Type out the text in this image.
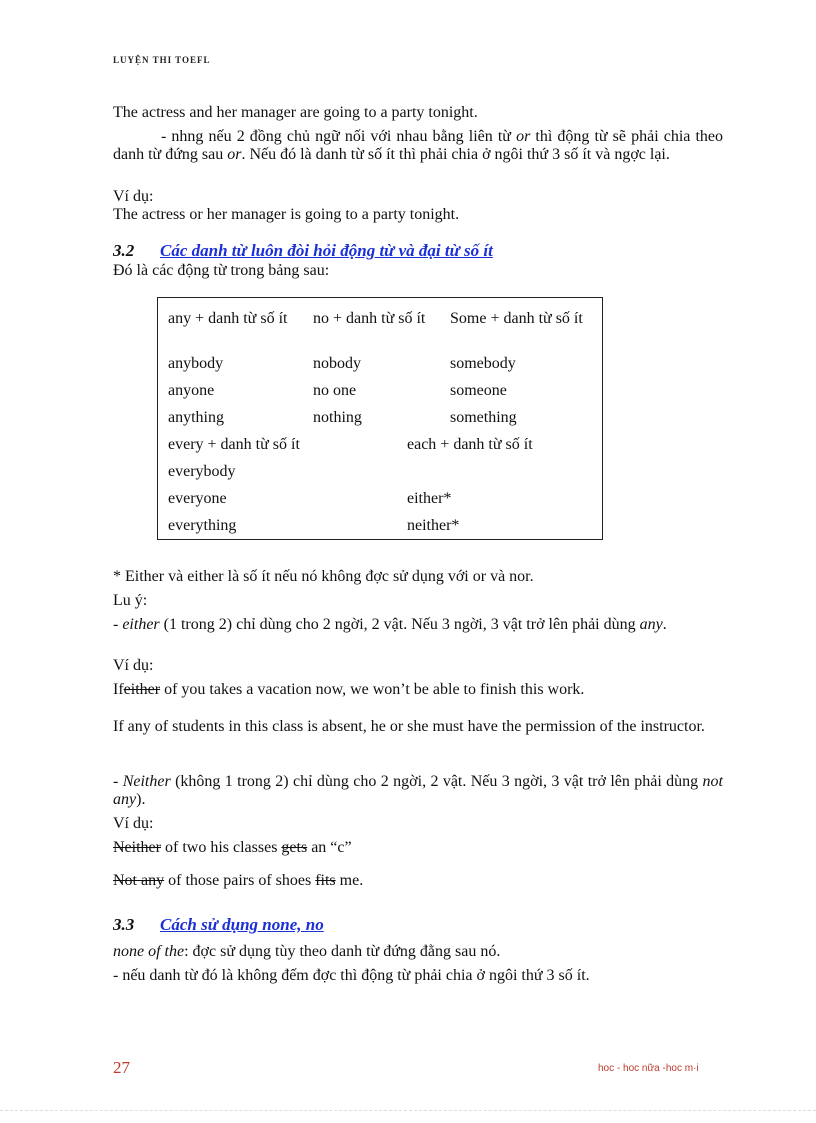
LUYỆN THI TOEFL
The actress and her manager are going to a party tonight.
- nhng nếu 2 đồng chủ ngữ nối với nhau bằng liên từ or thì động từ sẽ phải chia theo danh từ đứng sau or. Nếu đó là danh từ số ít thì phải chia ở ngôi thứ 3 số ít và ngợc lại.
Ví dụ:
The actress or her manager is going to a party tonight.
3.2 Các danh từ luôn đòi hỏi động từ và đại từ số ít
Đó là các động từ trong bảng sau:
any + danh từ số ít	no + danh từ số ít	Some + danh từ số ít
anybody	nobody	somebody
anyone	no one	someone
anything	nothing	something
every + danh từ số ít	each + danh từ số ít
everybody
everyone	either*
everything	neither*
* Either và either là số ít nếu nó không đợc sử dụng với or và nor.
Lu ý:
- either (1 trong 2) chỉ dùng cho 2 ngời, 2 vật. Nếu 3 ngời, 3 vật trở lên phải dùng any.
Ví dụ:
Ifeither of you takes a vacation now, we won’t be able to finish this work.
If any of students in this class is absent, he or she must have the permission of the instructor.
- Neither (không 1 trong 2) chỉ dùng cho 2 ngời, 2 vật. Nếu 3 ngời, 3 vật trở lên phải dùng not any).
Ví dụ:
Neither of two his classes gets an “c”
Not any of those pairs of shoes fits me.
3.3 Cách sử dụng none, no
none of the: đợc sử dụng tùy theo danh từ đứng đằng sau nó.
- nếu danh từ đó là không đếm đợc thì động từ phải chia ở ngôi thứ 3 số ít.
27	hoc - hoc nữa -hoc m·i
